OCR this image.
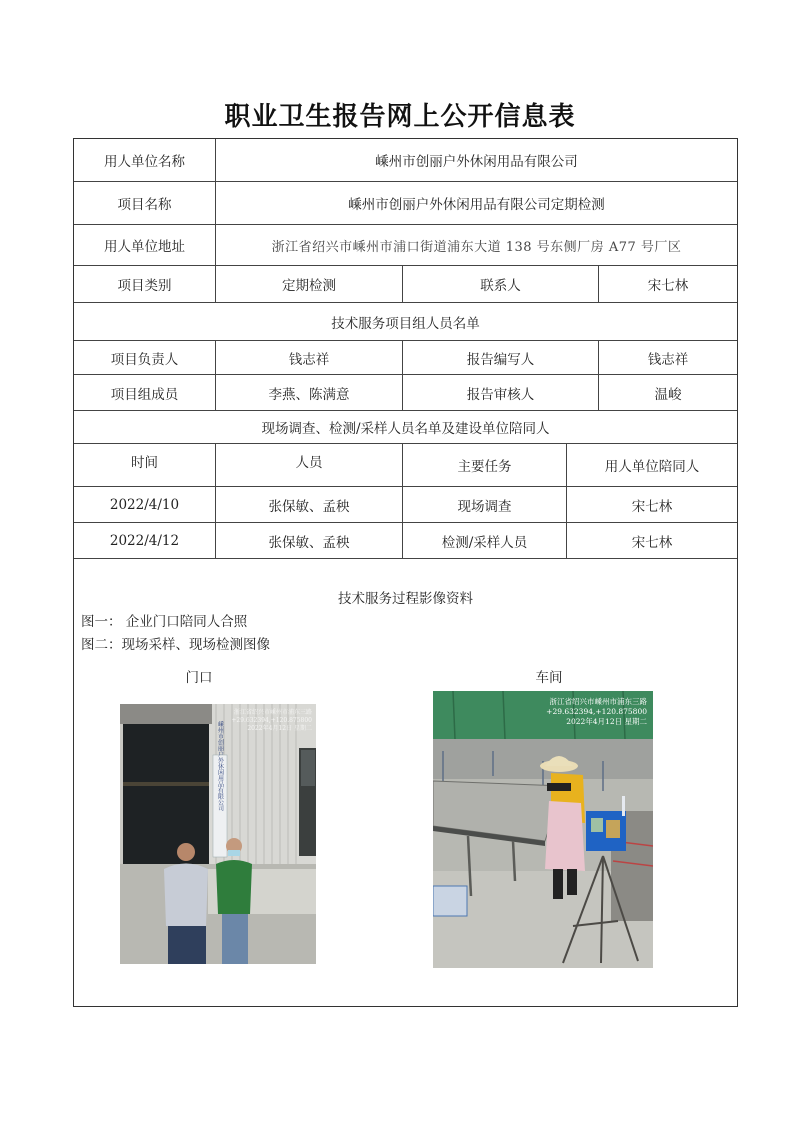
职业卫生报告网上公开信息表
用人单位名称	嵊州市创丽户外休闲用品有限公司
项目名称	嵊州市创丽户外休闲用品有限公司定期检测
用人单位地址	浙江省绍兴市嵊州市浦口街道浦东大道 138 号东侧厂房 A77 号厂区
项目类别	定期检测	联系人	宋七林
技术服务项目组人员名单
项目负责人	钱志祥	报告编写人	钱志祥
项目组成员	李燕、陈满意	报告审核人	温峻
现场调查、检测/采样人员名单及建设单位陪同人
时间	人员	主要任务	用人单位陪同人
2022/4/10	张保敏、孟秧	现场调查	宋七林
2022/4/12	张保敏、孟秧	检测/采样人员	宋七林
技术服务过程影像资料
图一： 企业门口陪同人合照
图二：现场采样、现场检测图像
门口	车间
嵊州市创丽户外休闲用品有限公司
浙江省绍兴市嵊州市浦东三路
+29.632394,+120.875800
2022年4月12日 星期二
浙江省绍兴市嵊州市浦东三路
+29.632394,+120.875800
2022年4月12日 星期二
